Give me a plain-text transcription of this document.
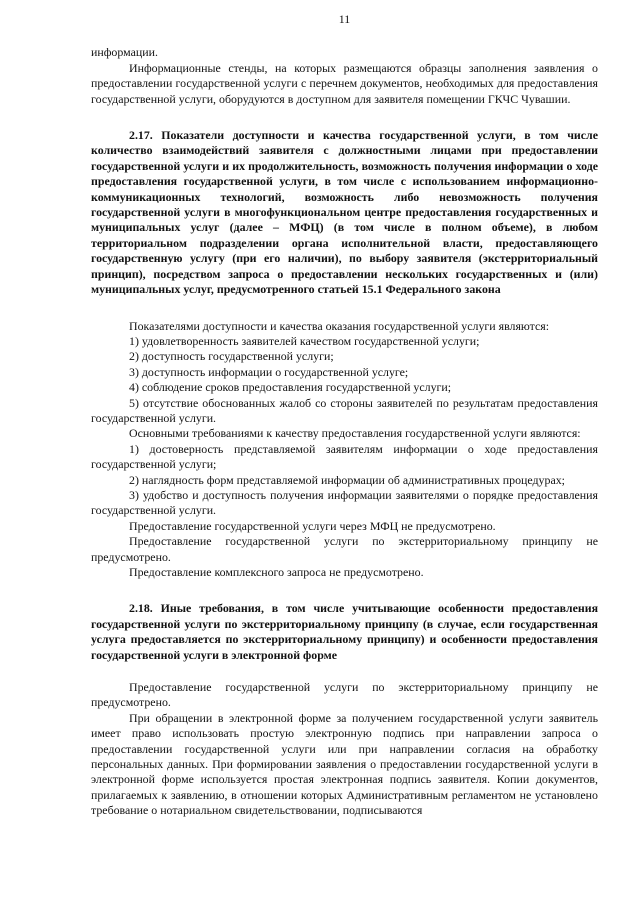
11

информации.

Информационные стенды, на которых размещаются образцы заполнения заявления о предоставлении государственной услуги с перечнем документов, необходимых для предоставления государственной услуги, оборудуются в доступном для заявителя помещении ГКЧС Чувашии.

2.17. Показатели доступности и качества государственной услуги, в том числе количество взаимодействий заявителя с должностными лицами при предоставлении государственной услуги и их продолжительность, возможность получения информации о ходе предоставления государственной услуги, в том числе с использованием информационно-коммуникационных технологий, возможность либо невозможность получения государственной услуги в многофункциональном центре предоставления государственных и муниципальных услуг (далее – МФЦ) (в том числе в полном объеме), в любом территориальном подразделении органа исполнительной власти, предоставляющего государственную услугу (при его наличии), по выбору заявителя (экстерриториальный принцип), посредством запроса о предоставлении нескольких государственных и (или) муниципальных услуг, предусмотренного статьей 15.1 Федерального закона

Показателями доступности и качества оказания государственной услуги являются:

1) удовлетворенность заявителей качеством государственной услуги;

2) доступность государственной услуги;

3) доступность информации о государственной услуге;

4) соблюдение сроков предоставления государственной услуги;

5) отсутствие обоснованных жалоб со стороны заявителей по результатам предоставления государственной услуги.

Основными требованиями к качеству предоставления государственной услуги являются:

1) достоверность представляемой заявителям информации о ходе предоставления государственной услуги;

2) наглядность форм представляемой информации об административных процедурах;

3) удобство и доступность получения информации заявителями о порядке предоставления государственной услуги.

Предоставление государственной услуги через МФЦ не предусмотрено.

Предоставление государственной услуги по экстерриториальному принципу не предусмотрено.

Предоставление комплексного запроса не предусмотрено.

2.18. Иные требования, в том числе учитывающие особенности предоставления государственной услуги по экстерриториальному принципу (в случае, если государственная услуга предоставляется по экстерриториальному принципу) и особенности предоставления государственной услуги в электронной форме

Предоставление государственной услуги по экстерриториальному принципу не предусмотрено.

При обращении в электронной форме за получением государственной услуги заявитель имеет право использовать простую электронную подпись при направлении запроса о предоставлении государственной услуги или при направлении согласия на обработку персональных данных. При формировании заявления о предоставлении государственной услуги в электронной форме используется простая электронная подпись заявителя. Копии документов, прилагаемых к заявлению, в отношении которых Административным регламентом не установлено требование о нотариальном свидетельствовании, подписываются
